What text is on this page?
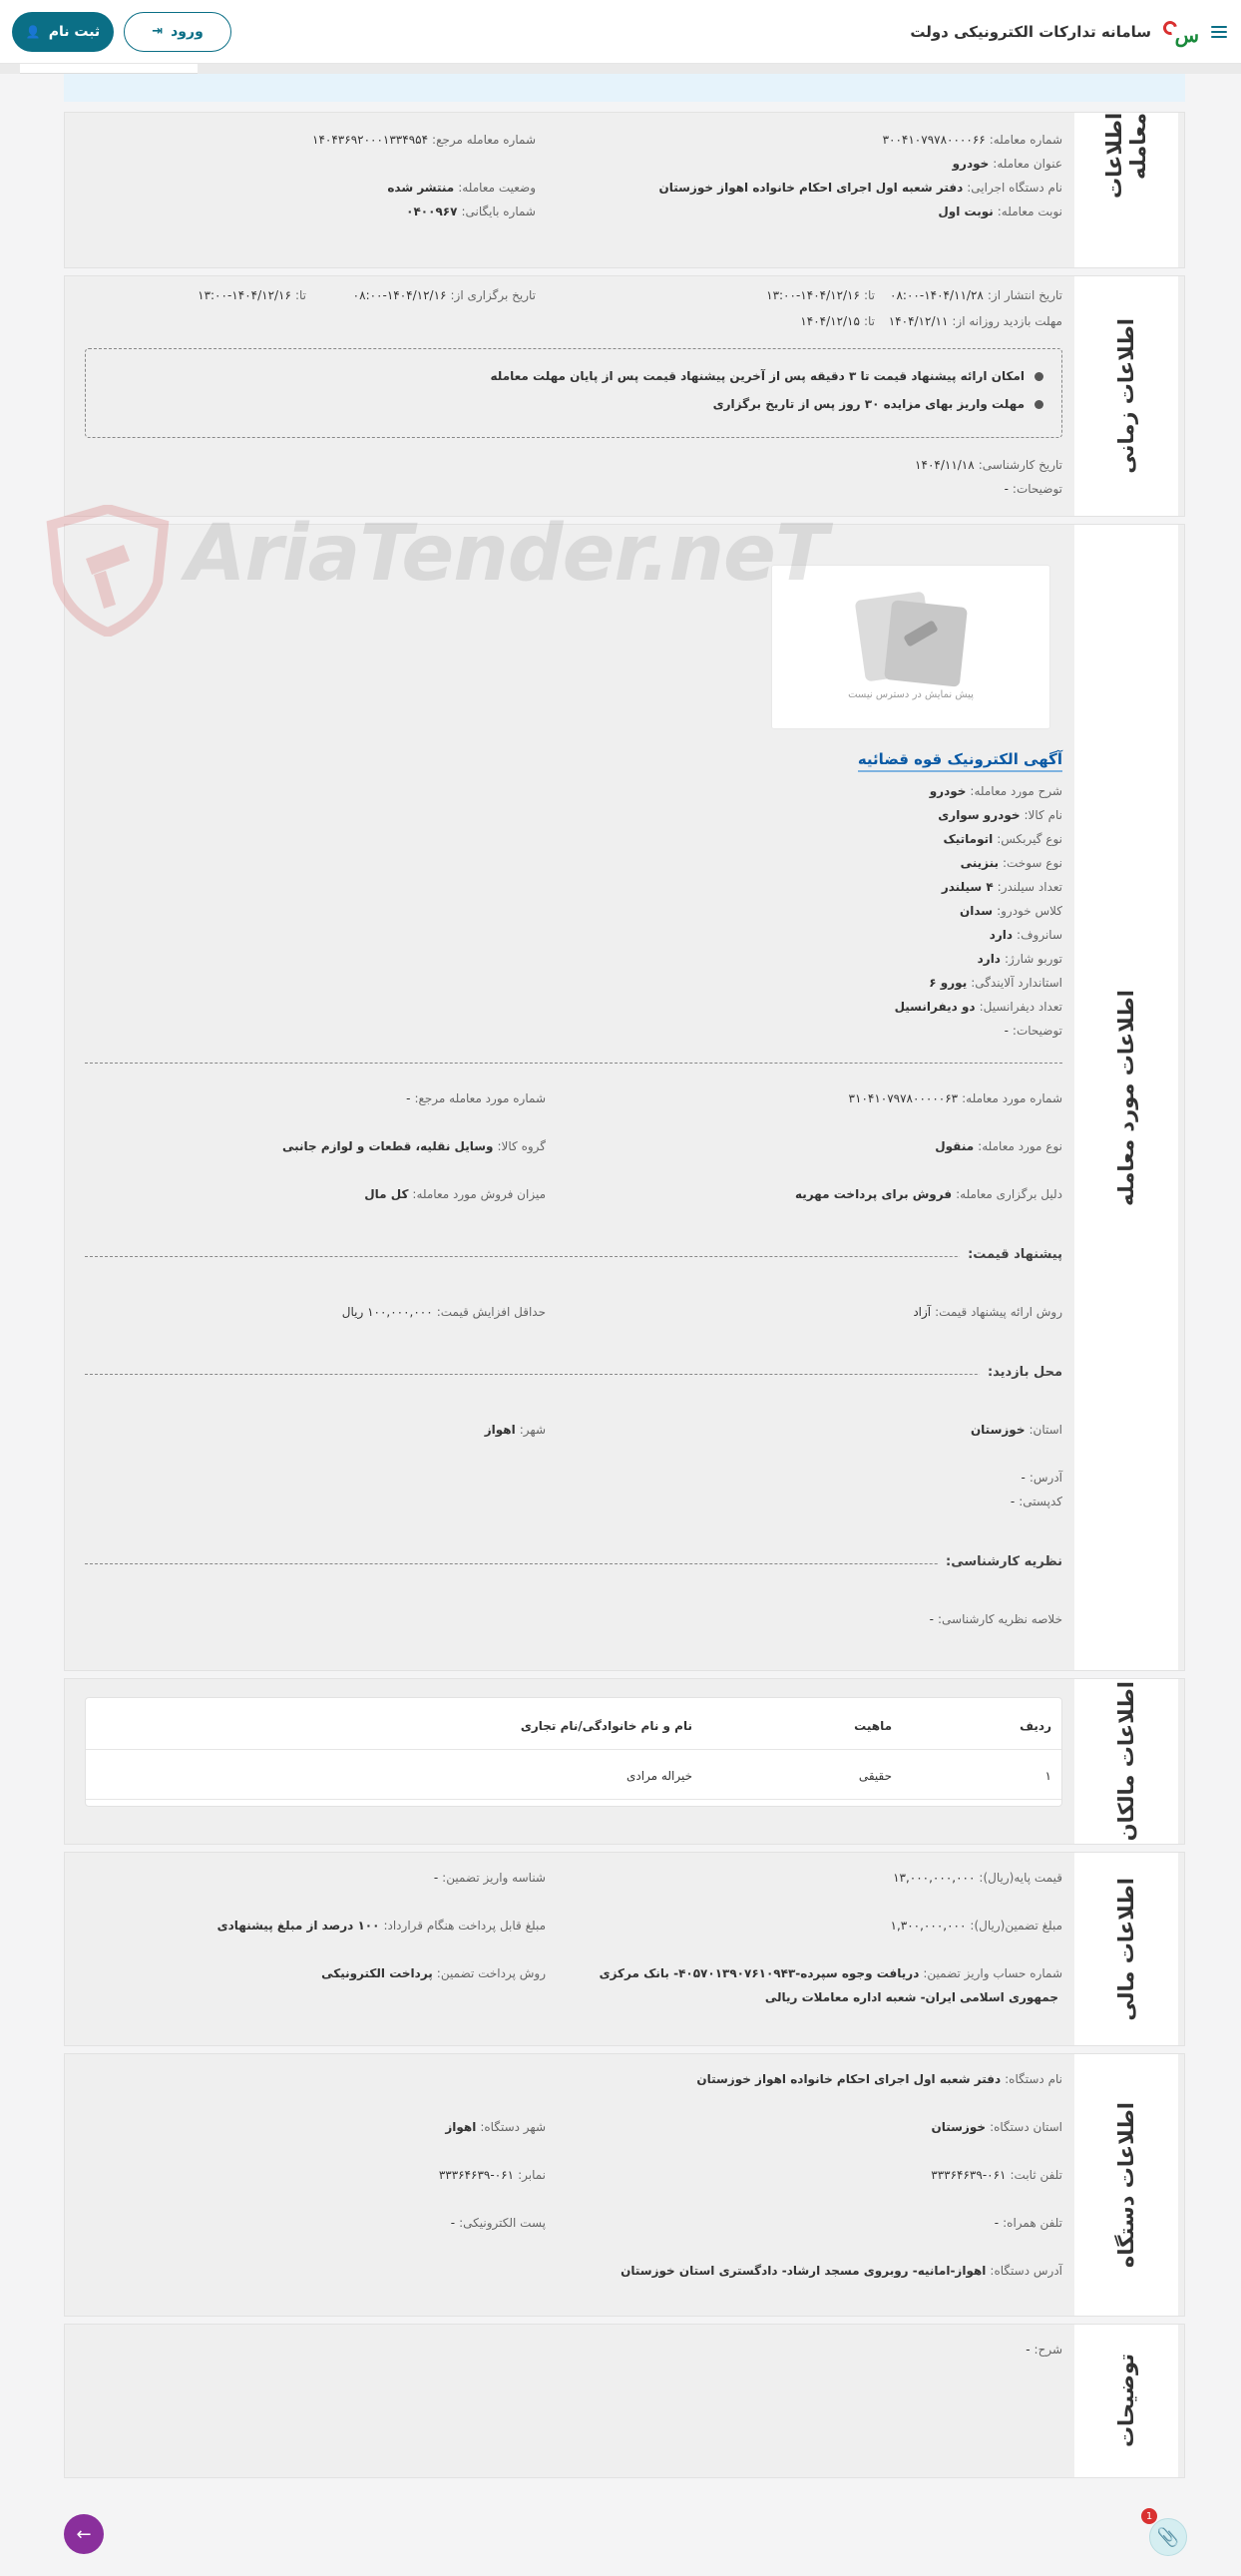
س
سامانه تدارکات الکترونیکی دولت
ورود
⇥
ثبت نام
👤
اطلاعات معامله
شماره معامله:۳۰۰۴۱۰۷۹۷۸۰۰۰۰۶۶
شماره معامله مرجع:۱۴۰۴۳۶۹۲۰۰۰۱۳۳۴۹۵۴
عنوان معامله:خودرو
نام دستگاه اجرایی:دفتر شعبه اول اجرای احکام خانواده اهواز خوزستان
وضعیت معامله:منتشر شده
نوبت معامله:نوبت اول
شماره بایگانی:۰۴۰۰۹۶۷
اطلاعات زمانی
تاریخ انتشار از:۱۴۰۴/۱۱/۲۸-۰۸:۰۰
تا:۱۴۰۴/۱۲/۱۶-۱۳:۰۰
تاریخ برگزاری از:۱۴۰۴/۱۲/۱۶-۰۸:۰۰
تا:۱۴۰۴/۱۲/۱۶-۱۳:۰۰
مهلت بازدید روزانه از:۱۴۰۴/۱۲/۱۱
تا:۱۴۰۴/۱۲/۱۵
امکان ارائه پیشنهاد قیمت تا ۳ دقیقه پس از آخرین پیشنهاد قیمت پس از پایان مهلت معامله
مهلت واریز بهای مزایده ۳۰ روز پس از تاریخ برگزاری
تاریخ کارشناسی:۱۴۰۴/۱۱/۱۸
توضیحات:-
اطلاعات مورد معامله
پیش نمایش در دسترس نیست
آگهی الکترونیک قوه قضائیه
شرح مورد معامله:خودرو
نام کالا:خودرو سواری
نوع گیربکس:اتوماتیک
نوع سوخت:بنزینی
تعداد سیلندر:۴ سیلندر
کلاس خودرو:سدان
سانروف:دارد
توربو شارژ:دارد
استاندارد آلایندگی:یورو ۶
تعداد دیفرانسیل:دو دیفرانسیل
توضیحات:-
شماره مورد معامله:۳۱۰۴۱۰۷۹۷۸۰۰۰۰۰۶۳
شماره مورد معامله مرجع:-
نوع مورد معامله:منقول
گروه کالا:وسایل نقلیه، قطعات و لوازم جانبی
دلیل برگزاری معامله:فروش برای پرداخت مهریه
میزان فروش مورد معامله:کل مال
پیشنهاد قیمت:
روش ارائه پیشنهاد قیمت:آزاد
حداقل افزایش قیمت:۱۰۰,۰۰۰,۰۰۰ ریال
محل بازدید:
استان:خوزستان
شهر:اهواز
آدرس:-
کدپستی:-
نظریه کارشناسی:
خلاصه نظریه کارشناسی:-
اطلاعات مالکان
ردیف
ماهیت
نام و نام خانوادگی/نام تجاری
۱
حقیقی
خیراله مرادی
اطلاعات مالی
قیمت پایه(ریال):۱۳,۰۰۰,۰۰۰,۰۰۰
شناسه واریز تضمین:-
مبلغ تضمین(ریال):۱,۳۰۰,۰۰۰,۰۰۰
مبلغ قابل پرداخت هنگام قرارداد:۱۰۰ درصد از مبلغ پیشنهادی
شماره حساب واریز تضمین:دریافت وجوه سپرده-۴۰۵۷۰۱۳۹۰۷۶۱۰۹۴۳- بانک مرکزی
جمهوری اسلامی ایران- شعبه اداره معاملات ریالی
روش پرداخت تضمین:پرداخت الکترونیکی
اطلاعات دستگاه
نام دستگاه:دفتر شعبه اول اجرای احکام خانواده اهواز خوزستان
استان دستگاه:خوزستان
شهر دستگاه:اهواز
تلفن ثابت:۰۶۱-۳۳۳۶۴۶۳۹
نمابر:۰۶۱-۳۳۳۶۴۶۳۹
تلفن همراه:-
پست الکترونیکی:-
آدرس دستگاه:اهواز-امانیه- روبروی مسجد ارشاد- دادگستری استان خوزستان
توضیحات
شرح:-
AriaTender.neT
←	📎
1
